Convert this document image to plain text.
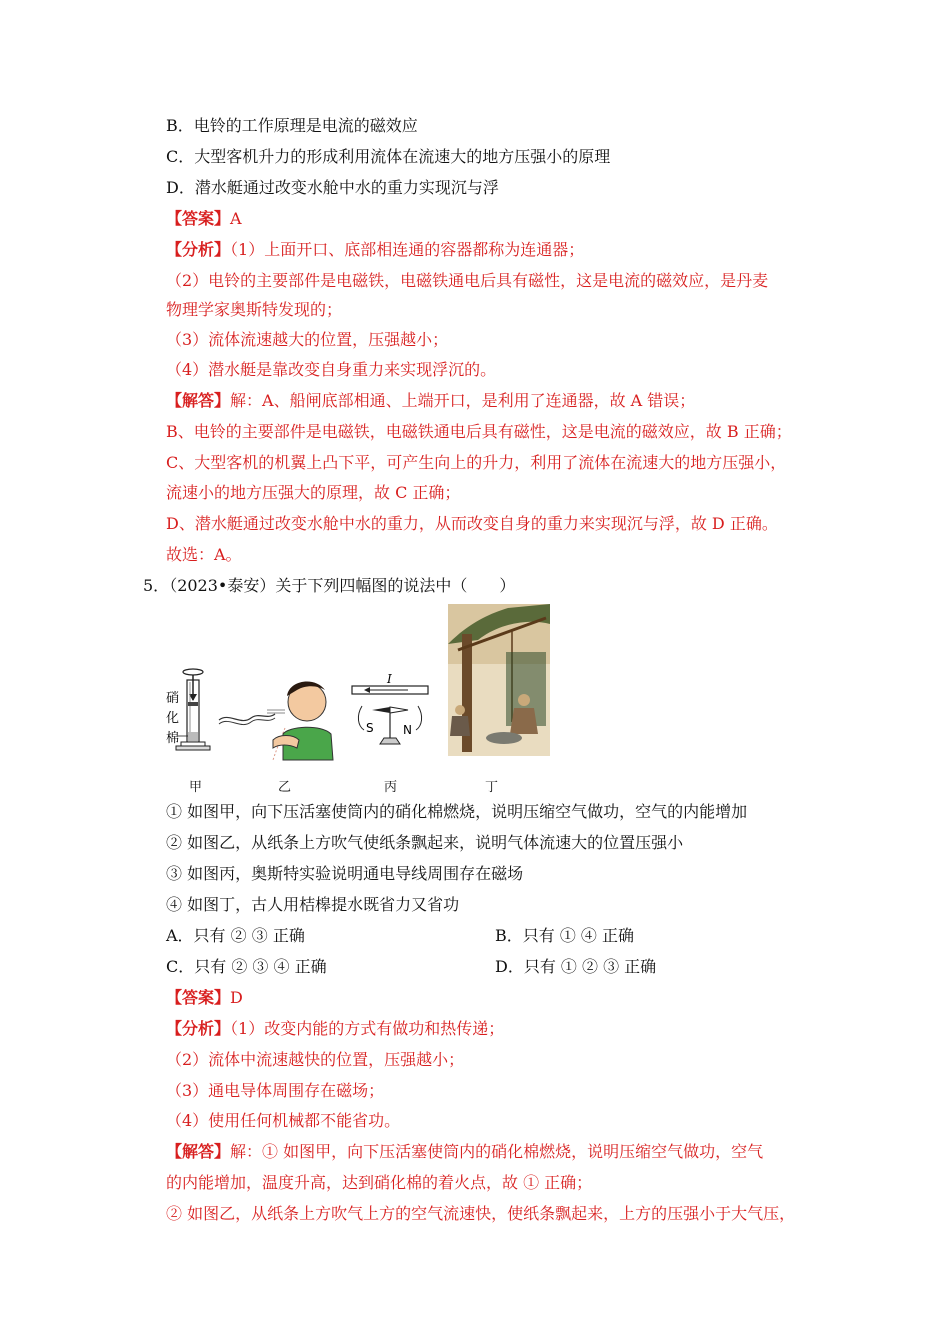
B．电铃的工作原理是电流的磁效应
C．大型客机升力的形成利用流体在流速大的地方压强小的原理
D．潜水艇通过改变水舱中水的重力实现沉与浮
【答案】A
【分析】（1）上面开口、底部相连通的容器都称为连通器；
（2）电铃的主要部件是电磁铁，电磁铁通电后具有磁性，这是电流的磁效应，是丹麦
物理学家奥斯特发现的；
（3）流体流速越大的位置，压强越小；
（4）潜水艇是靠改变自身重力来实现浮沉的。
【解答】解：A、船闸底部相通、上端开口，是利用了连通器，故 A 错误；
B、电铃的主要部件是电磁铁，电磁铁通电后具有磁性，这是电流的磁效应，故 B 正确；
C、大型客机的机翼上凸下平，可产生向上的升力，利用了流体在流速大的地方压强小，
流速小的地方压强大的原理，故 C 正确；
D、潜水艇通过改变水舱中水的重力，从而改变自身的重力来实现沉与浮，故 D 正确。
故选：A。
5．（2023•泰安）关于下列四幅图的说法中（　　）
硝
化
棉
I
S N
甲	乙	丙	丁
① 如图甲，向下压活塞使筒内的硝化棉燃烧，说明压缩空气做功，空气的内能增加
② 如图乙，从纸条上方吹气使纸条飘起来，说明气体流速大的位置压强小
③ 如图丙，奥斯特实验说明通电导线周围存在磁场
④ 如图丁，古人用桔槔提水既省力又省功
A．只有 ② ③ 正确	B．只有 ① ④ 正确
C．只有 ② ③ ④ 正确	D．只有 ① ② ③ 正确
【答案】D
【分析】（1）改变内能的方式有做功和热传递；
（2）流体中流速越快的位置，压强越小；
（3）通电导体周围存在磁场；
（4）使用任何机械都不能省功。
【解答】解：① 如图甲，向下压活塞使筒内的硝化棉燃烧，说明压缩空气做功，空气
的内能增加，温度升高，达到硝化棉的着火点，故 ① 正确；
② 如图乙，从纸条上方吹气上方的空气流速快，使纸条飘起来，上方的压强小于大气压，
